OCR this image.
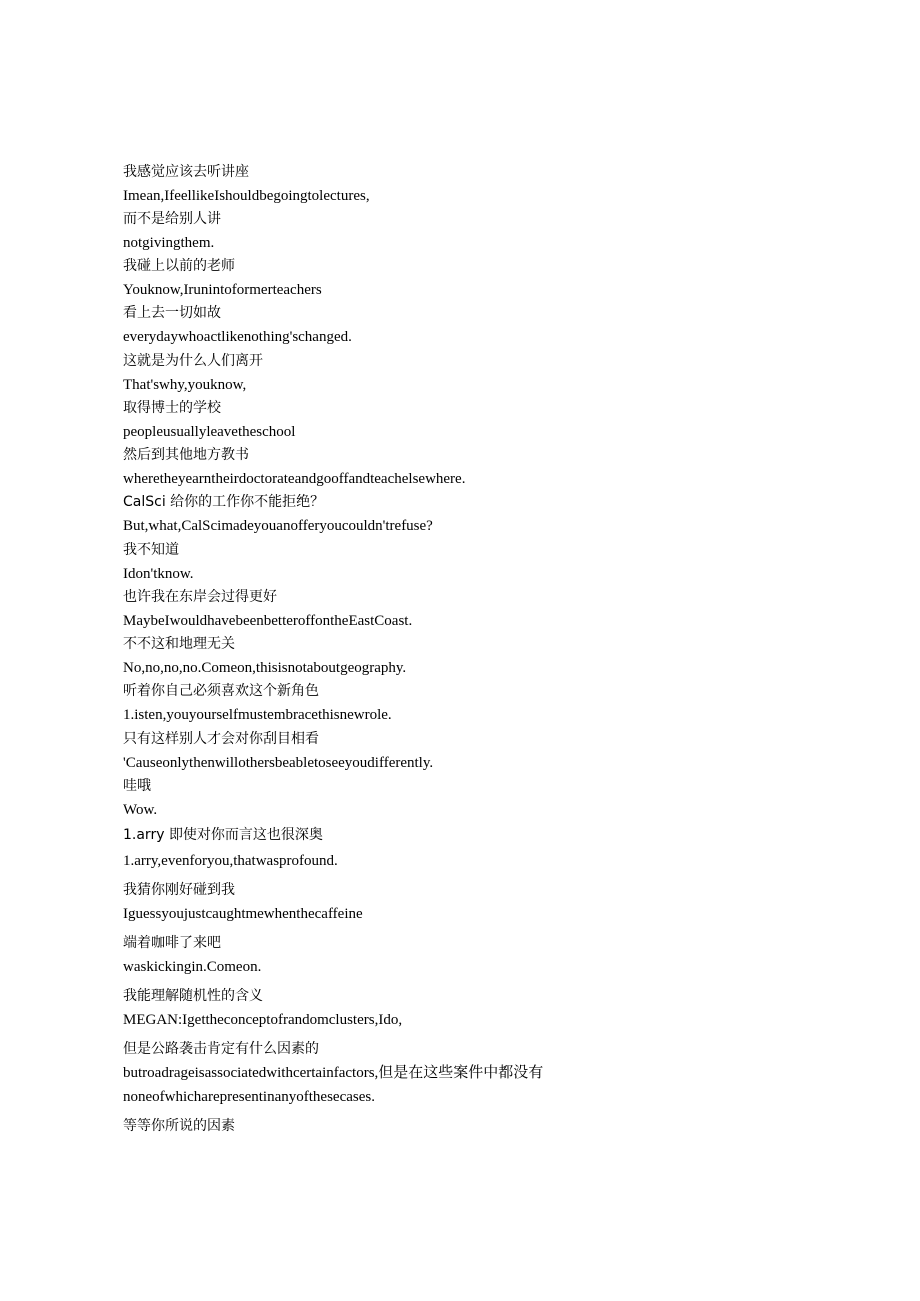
我感觉应该去听讲座

Imean,IfeellikeIshouldbegoingtolectures,

而不是给别人讲

notgivingthem.

我碰上以前的老师

Youknow,Irunintoformerteachers

看上去一切如故

everydaywhoactlikenothing'schanged.

这就是为什么人们离开

That'swhy,youknow,

取得博士的学校

peopleusuallyleavetheschool

然后到其他地方教书

wheretheyearntheirdoctorateandgooffandteachelsewhere.

CalSci 给你的工作你不能拒绝？

But,what,CalScimadeyouanofferyoucouldn'trefuse?

我不知道

Idon'tknow.

也许我在东岸会过得更好

MaybeIwouldhavebeenbetteroffontheEastCoast.

不不这和地理无关

No,no,no,no.Comeon,thisisnotaboutgeography.

听着你自己必须喜欢这个新角色

1.isten,youyourselfmustembracethisnewrole.

只有这样别人才会对你刮目相看

'Causeonlythenwillothersbeabletoseeyoudifferently.

哇哦

Wow.

1.arry 即使对你而言这也很深奥

1.arry,evenforyou,thatwasprofound.

我猜你刚好碰到我

Iguessyoujustcaughtmewhenthecaffeine

端着咖啡了来吧

waskickingin.Comeon.

我能理解随机性的含义

MEGAN:Igettheconceptofrandomclusters,Ido,

但是公路袭击肯定有什么因素的

butroadrageisassociatedwithcertainfactors,但是在这些案件中都没有

noneofwhicharepresentinanyofthesecases.

等等你所说的因素
